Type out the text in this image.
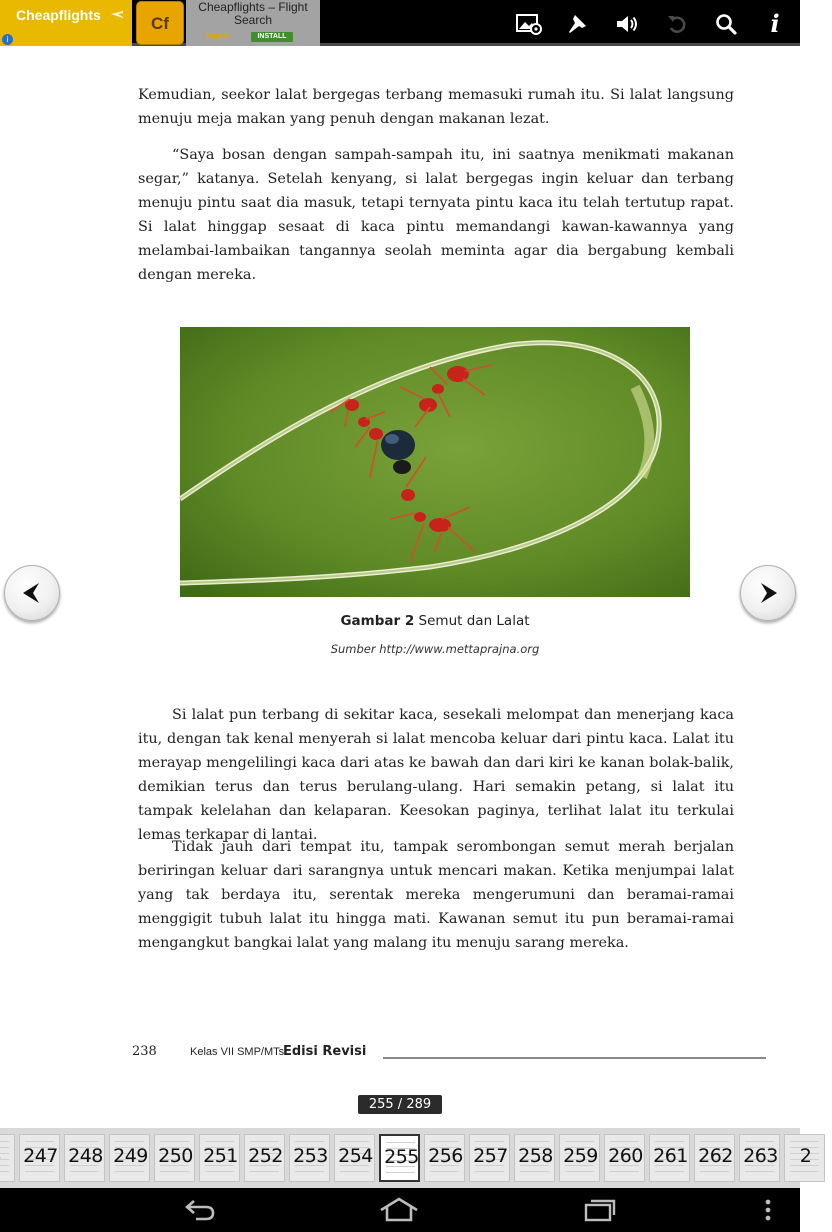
Cheapflights
i
Cf
Cheapflights – Flight Search
FREE	INSTALL	i
Kemudian, seekor lalat bergegas terbang memasuki rumah itu. Si lalat langsung menuju meja makan yang penuh dengan makanan lezat.
“Saya bosan dengan sampah-sampah itu, ini saatnya menikmati makanan segar,” katanya. Setelah kenyang, si lalat bergegas ingin keluar dan terbang menuju pintu saat dia masuk, tetapi ternyata pintu kaca itu telah tertutup rapat. Si lalat hinggap sesaat di kaca pintu memandangi kawan-kawannya yang melambai-lambaikan tangannya seolah meminta agar dia bergabung kembali dengan mereka.
Gambar 2 Semut dan Lalat
Sumber http://www.mettaprajna.org
Si lalat pun terbang di sekitar kaca, sesekali melompat dan menerjang kaca itu, dengan tak kenal menyerah si lalat mencoba keluar dari pintu kaca. Lalat itu merayap mengelilingi kaca dari atas ke bawah dan dari kiri ke kanan bolak-balik, demikian terus dan terus berulang-ulang. Hari semakin petang, si lalat itu tampak kelelahan dan kelaparan. Keesokan paginya, terlihat lalat itu terkulai lemas terkapar di lantai.
Tidak jauh dari tempat itu, tampak serombongan semut merah berjalan beriringan keluar dari sarangnya untuk mencari makan. Ketika menjumpai lalat yang tak berdaya itu, serentak mereka mengerumuni dan beramai-ramai menggigit tubuh lalat itu hingga mati. Kawanan semut itu pun beramai-ramai mengangkut bangkai lalat yang malang itu menuju sarang mereka.
238	Kelas VII SMP/MTs
Edisi Revisi
255 / 289
247 248 249 250 251 252 253 254 255 256 257 258 259 260 261 262 263	2
